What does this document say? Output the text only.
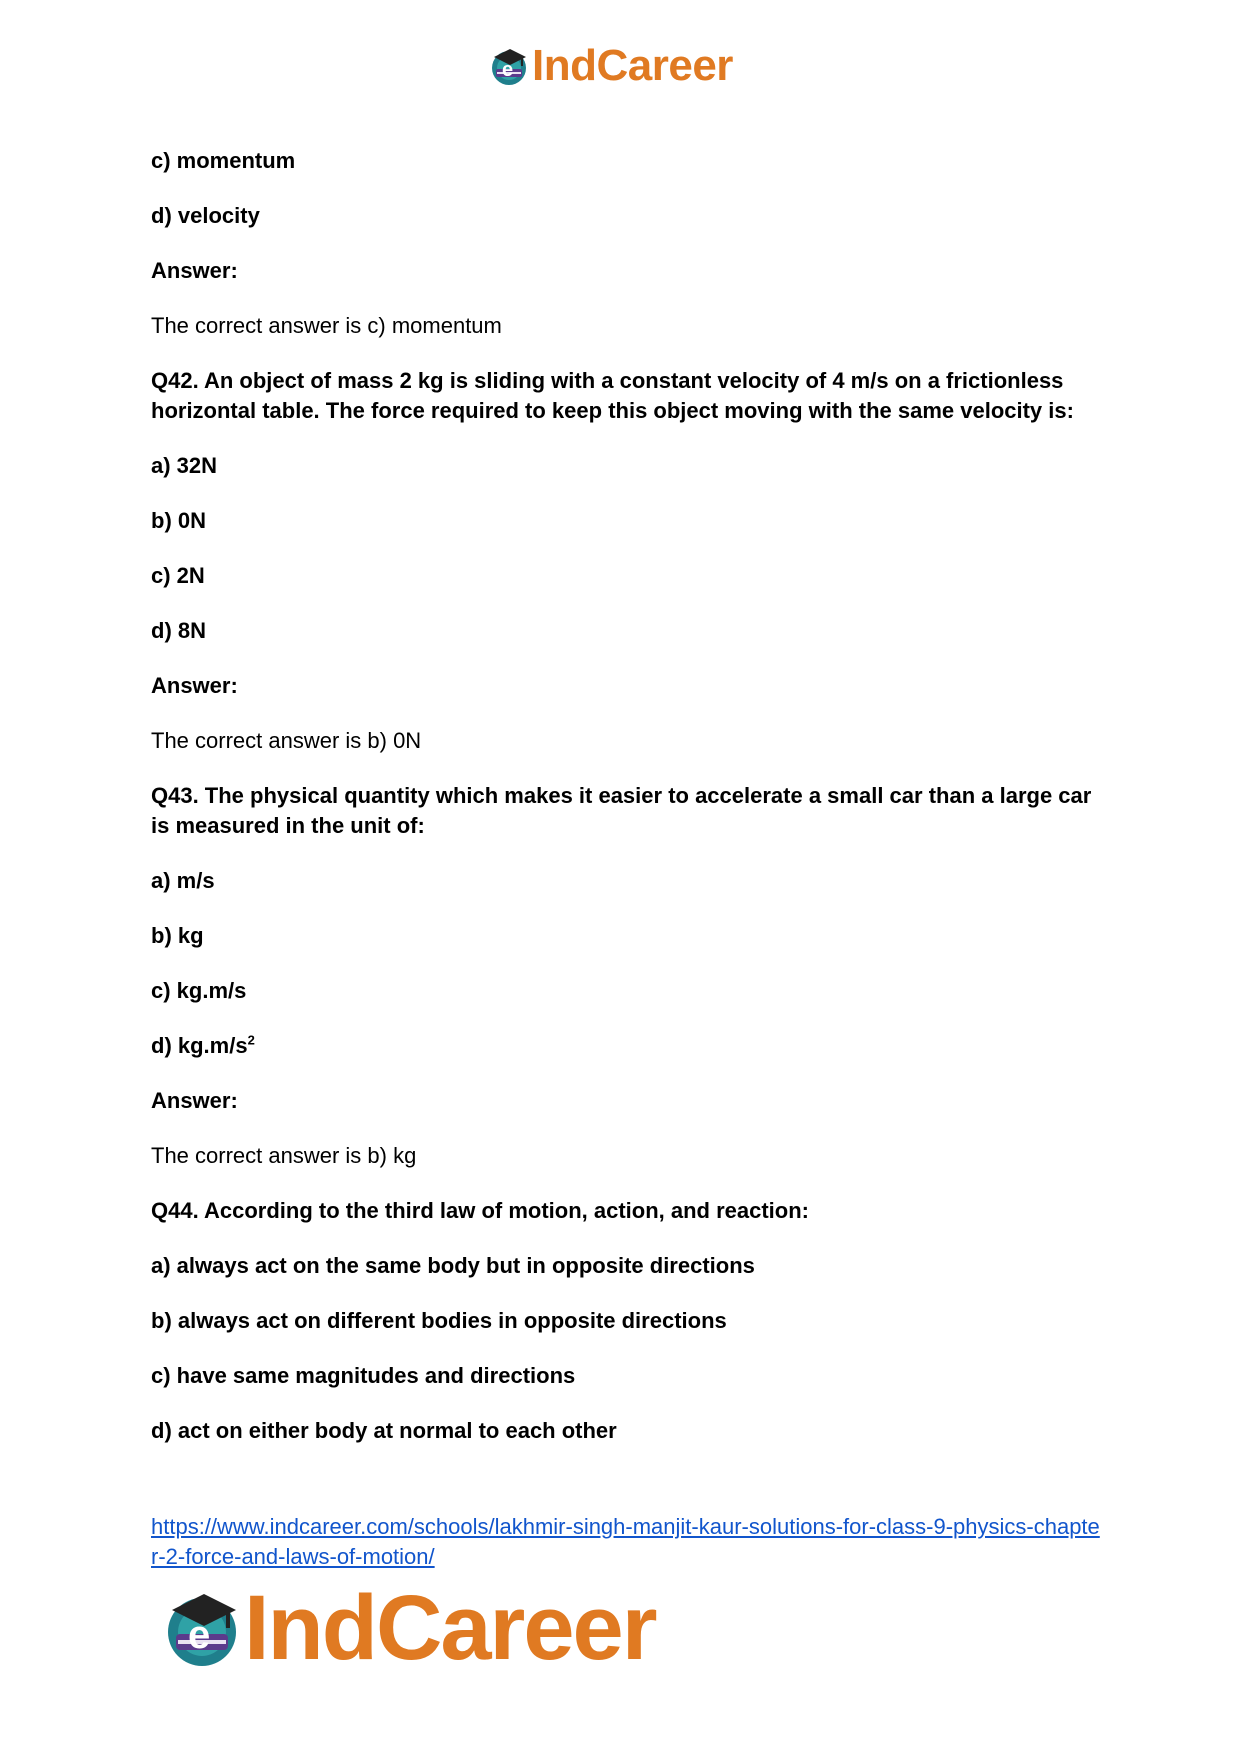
e IndCareer

c) momentum

d) velocity

Answer:

The correct answer is c) momentum

Q42. An object of mass 2 kg is sliding with a constant velocity of 4 m/s on a frictionless horizontal table. The force required to keep this object moving with the same velocity is:

a) 32N

b) 0N

c) 2N

d) 8N

Answer:

The correct answer is b) 0N

Q43. The physical quantity which makes it easier to accelerate a small car than a large car is measured in the unit of:

a) m/s

b) kg

c) kg.m/s

d) $kg.m/s^2$

Answer:

The correct answer is b) kg

Q44. According to the third law of motion, action, and reaction:

a) always act on the same body but in opposite directions

b) always act on different bodies in opposite directions

c) have same magnitudes and directions

d) act on either body at normal to each other

https://www.indcareer.com/schools/lakhmir-singh-manjit-kaur-solutions-for-class-9-physics-chapter-2-force-and-laws-of-motion/
e IndCareer
